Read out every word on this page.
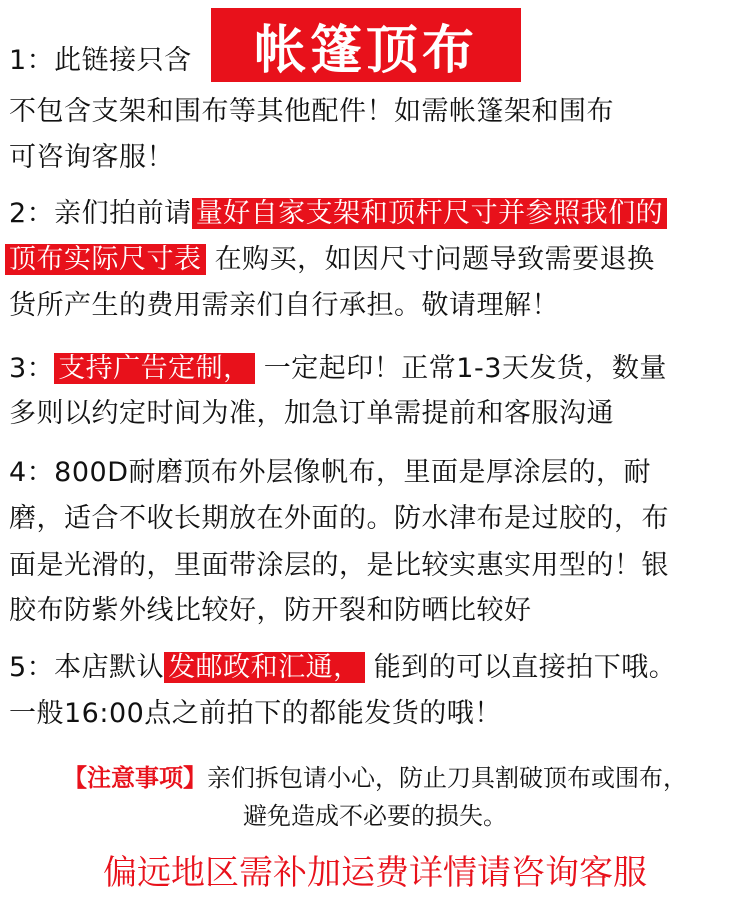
1：此链接只含	帐篷顶布
不包含支架和围布等其他配件！如需帐篷架和围布
可咨询客服！
2：亲们拍前请 量好自家支架和顶杆尺寸并参照我们的
顶布实际尺寸表 在购买，如因尺寸问题导致需要退换
货所产生的费用需亲们自行承担。敬请理解！
3： 支持广告定制， 一定起印！正常1-3天发货，数量
多则以约定时间为准，加急订单需提前和客服沟通
4：800D耐磨顶布外层像帆布，里面是厚涂层的，耐
磨，适合不收长期放在外面的。防水津布是过胶的，布
面是光滑的，里面带涂层的，是比较实惠实用型的！银
胶布防紫外线比较好，防开裂和防晒比较好
5：本店默认 发邮政和汇通， 能到的可以直接拍下哦。
一般16:00点之前拍下的都能发货的哦！
【注意事项】亲们拆包请小心，防止刀具割破顶布或围布，
避免造成不必要的损失。
偏远地区需补加运费详情请咨询客服
